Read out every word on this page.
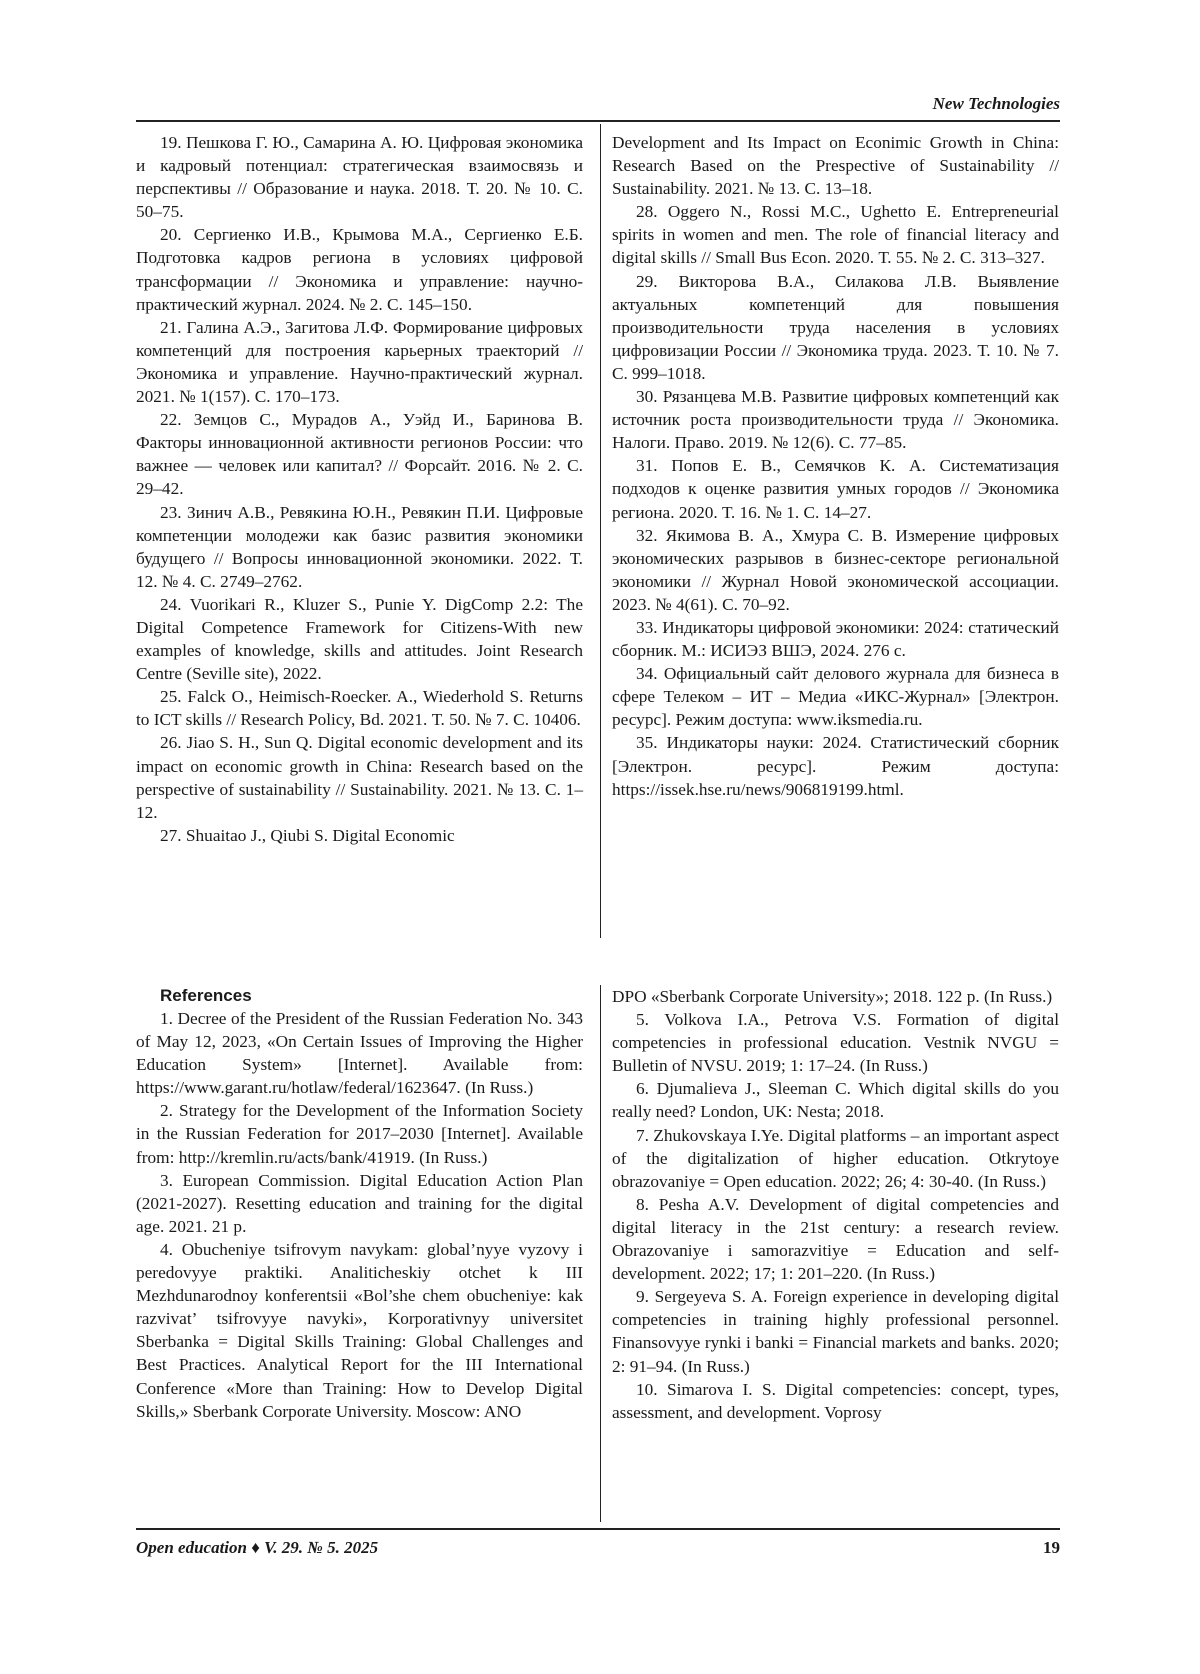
New Technologies

19. Пешкова Г. Ю., Самарина А. Ю. Цифровая экономика и кадровый потенциал: стратегическая взаимосвязь и перспективы // Образование и наука. 2018. Т. 20. № 10. С. 50–75.

20. Сергиенко И.В., Крымова М.А., Сергиенко Е.Б. Подготовка кадров региона в условиях цифровой трансформации // Экономика и управление: научно-практический журнал. 2024. № 2. С. 145–150.

21. Галина А.Э., Загитова Л.Ф. Формирование цифровых компетенций для построения карьерных траекторий // Экономика и управление. Научно-практический журнал. 2021. № 1(157). С. 170–173.

22. Земцов С., Мурадов А., Уэйд И., Баринова В. Факторы инновационной активности регионов России: что важнее — человек или капитал? // Форсайт. 2016. № 2. С. 29–42.

23. Зинич А.В., Ревякина Ю.Н., Ревякин П.И. Цифровые компетенции молодежи как базис развития экономики будущего // Вопросы инновационной экономики. 2022. Т. 12. № 4. С. 2749–2762.

24. Vuorikari R., Kluzer S., Punie Y. DigComp 2.2: The Digital Competence Framework for Citizens-With new examples of knowledge, skills and attitudes. Joint Research Centre (Seville site), 2022.

25. Falck O., Heimisch-Roecker. A., Wiederhold S. Returns to ICT skills // Research Policy, Bd. 2021. Т. 50. № 7. С. 10406.

26. Jiao S. H., Sun Q. Digital economic development and its impact on economic growth in China: Research based on the perspective of sustainability // Sustainability. 2021. № 13. С. 1–12.

27. Shuaitao J., Qiubi S. Digital Economic

Development and Its Impact on Econimic Growth in China: Research Based on the Prespective of Sustainability // Sustainability. 2021. № 13. С. 13–18.

28. Oggero N., Rossi M.C., Ughetto E. Entrepreneurial spirits in women and men. The role of financial literacy and digital skills // Small Bus Econ. 2020. Т. 55. № 2. С. 313–327.

29. Викторова В.А., Силакова Л.В. Выявление актуальных компетенций для повышения производительности труда населения в условиях цифровизации России // Экономика труда. 2023. Т. 10. № 7. С. 999–1018.

30. Рязанцева М.В. Развитие цифровых компетенций как источник роста производительности труда // Экономика. Налоги. Право. 2019. № 12(6). С. 77–85.

31. Попов Е. В., Семячков К. А. Систематизация подходов к оценке развития умных городов // Экономика региона. 2020. Т. 16. № 1. С. 14–27.

32. Якимова В. А., Хмура С. В. Измерение цифровых экономических разрывов в бизнес-секторе региональной экономики // Журнал Новой экономической ассоциации. 2023. № 4(61). С. 70–92.

33. Индикаторы цифровой экономики: 2024: статический сборник. М.: ИСИЭЗ ВШЭ, 2024. 276 с.

34. Официальный сайт делового журнала для бизнеса в сфере Телеком – ИТ – Медиа «ИКС-Журнал» [Электрон. ресурс]. Режим доступа: www.iksmedia.ru.

35. Индикаторы науки: 2024. Статистический сборник [Электрон. ресурс]. Режим доступа: https://issek.hse.ru/news/906819199.html.

References

1. Decree of the President of the Russian Federation No. 343 of May 12, 2023, «On Certain Issues of Improving the Higher Education System» [Internet]. Available from: https://www.garant.ru/hotlaw/federal/1623647. (In Russ.)

2. Strategy for the Development of the Information Society in the Russian Federation for 2017–2030 [Internet]. Available from: http://kremlin.ru/acts/bank/41919. (In Russ.)

3. European Commission. Digital Education Action Plan (2021-2027). Resetting education and training for the digital age. 2021. 21 p.

4. Obucheniye tsifrovym navykam: global’nyye vyzovy i peredovyye praktiki. Analiticheskiy otchet k III Mezhdunarodnoy konferentsii «Bol’she chem obucheniye: kak razvivat’ tsifrovyye navyki», Korporativnyy universitet Sberbanka = Digital Skills Training: Global Challenges and Best Practices. Analytical Report for the III International Conference «More than Training: How to Develop Digital Skills,» Sberbank Corporate University. Moscow: ANO

DPO «Sberbank Corporate University»; 2018. 122 p. (In Russ.)

5. Volkova I.A., Petrova V.S. Formation of digital competencies in professional education. Vestnik NVGU = Bulletin of NVSU. 2019; 1: 17–24. (In Russ.)

6. Djumalieva J., Sleeman C. Which digital skills do you really need? London, UK: Nesta; 2018.

7. Zhukovskaya I.Ye. Digital platforms – an important aspect of the digitalization of higher education. Otkrytoye obrazovaniye = Open education. 2022; 26; 4: 30-40. (In Russ.)

8. Pesha A.V. Development of digital competencies and digital literacy in the 21st century: a research review. Obrazovaniye i samorazvitiye = Education and self-development. 2022; 17; 1: 201–220. (In Russ.)

9. Sergeyeva S. A. Foreign experience in developing digital competencies in training highly professional personnel. Finansovyye rynki i banki = Financial markets and banks. 2020; 2: 91–94. (In Russ.)

10. Simarova I. S. Digital competencies: concept, types, assessment, and development. Voprosy

Open education ♦ V. 29. № 5. 2025	19
